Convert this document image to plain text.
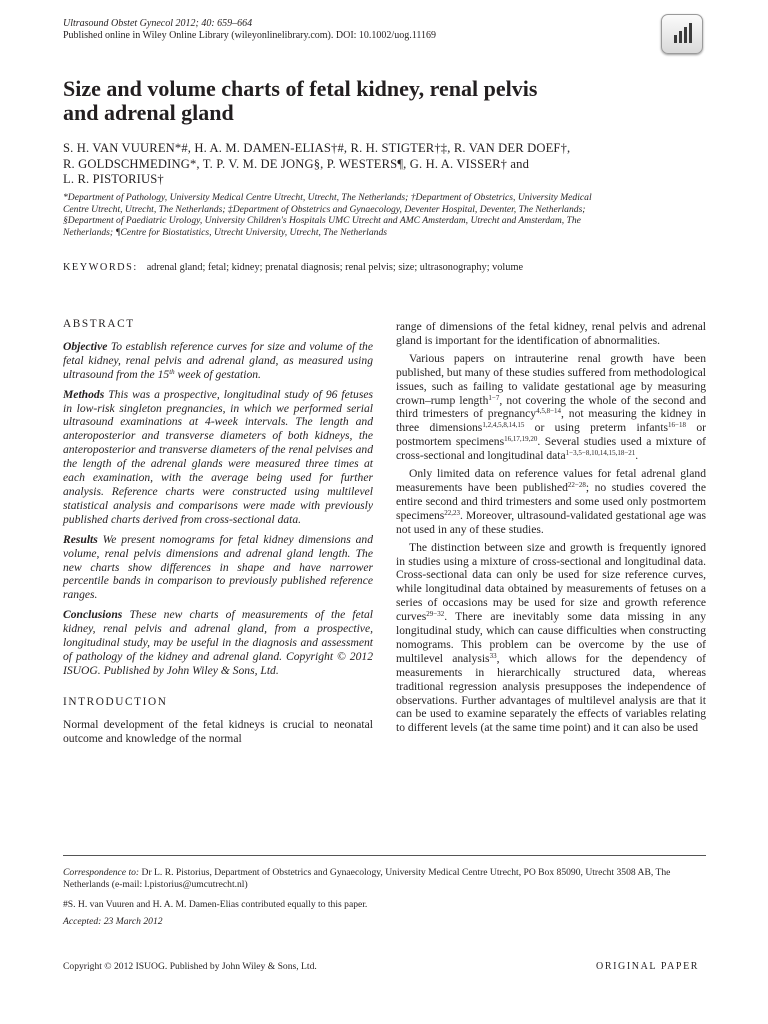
Ultrasound Obstet Gynecol 2012; 40: 659–664
Published online in Wiley Online Library (wileyonlinelibrary.com). DOI: 10.1002/uog.11169
Size and volume charts of fetal kidney, renal pelvis
and adrenal gland
S. H. VAN VUUREN*#, H. A. M. DAMEN-ELIAS†#, R. H. STIGTER†‡, R. VAN DER DOEF†,
R. GOLDSCHMEDING*, T. P. V. M. DE JONG§, P. WESTERS¶, G. H. A. VISSER† and
L. R. PISTORIUS†
*Department of Pathology, University Medical Centre Utrecht, Utrecht, The Netherlands; †Department of Obstetrics, University Medical
Centre Utrecht, Utrecht, The Netherlands; ‡Department of Obstetrics and Gynaecology, Deventer Hospital, Deventer, The Netherlands;
§Department of Paediatric Urology, University Children's Hospitals UMC Utrecht and AMC Amsterdam, Utrecht and Amsterdam, The
Netherlands; ¶Centre for Biostatistics, Utrecht University, Utrecht, The Netherlands
KEYWORDS: adrenal gland; fetal; kidney; prenatal diagnosis; renal pelvis; size; ultrasonography; volume
ABSTRACT

Objective To establish reference curves for size and volume of the fetal kidney, renal pelvis and adrenal gland, as measured using ultrasound from the 15th week of gestation.

Methods This was a prospective, longitudinal study of 96 fetuses in low-risk singleton pregnancies, in which we performed serial ultrasound examinations at 4-week intervals. The length and anteroposterior and transverse diameters of both kidneys, the anteroposterior and transverse diameters of the renal pelvises and the length of the adrenal glands were measured three times at each examination, with the average being used for further analysis. Reference charts were constructed using multilevel statistical analysis and comparisons were made with previously published charts derived from cross-sectional data.

Results We present nomograms for fetal kidney dimensions and volume, renal pelvis dimensions and adrenal gland length. The new charts show differences in shape and have narrower percentile bands in comparison to previously published reference ranges.

Conclusions These new charts of measurements of the fetal kidney, renal pelvis and adrenal gland, from a prospective, longitudinal study, may be useful in the diagnosis and assessment of pathology of the kidney and adrenal gland. Copyright © 2012 ISUOG. Published by John Wiley & Sons, Ltd.

INTRODUCTION

Normal development of the fetal kidneys is crucial to neonatal outcome and knowledge of the normal

range of dimensions of the fetal kidney, renal pelvis and adrenal gland is important for the identification of abnormalities.

Various papers on intrauterine renal growth have been published, but many of these studies suffered from methodological issues, such as failing to validate gestational age by measuring crown–rump length$^{1-7}$, not covering the whole of the second and third trimesters of pregnancy$^{4,5,8-14}$, not measuring the kidney in three dimensions$^{1,2,4,5,8,14,15}$ or using preterm infants$^{16-18}$ or postmortem specimens$^{16,17,19,20}$. Several studies used a mixture of cross-sectional and longitudinal data$^{1-3,5-8,10,14,15,18-21}$.

Only limited data on reference values for fetal adrenal gland measurements have been published$^{22-28}$; no studies covered the entire second and third trimesters and some used only postmortem specimens$^{22,23}$. Moreover, ultrasound-validated gestational age was not used in any of these studies.

The distinction between size and growth is frequently ignored in studies using a mixture of cross-sectional and longitudinal data. Cross-sectional data can only be used for size reference curves, while longitudinal data obtained by measurements of fetuses on a series of occasions may be used for size and growth reference curves$^{29-32}$. There are inevitably some data missing in any longitudinal study, which can cause difficulties when constructing nomograms. This problem can be overcome by the use of multilevel analysis$^{33}$, which allows for the dependency of measurements in hierarchically structured data, whereas traditional regression analysis presupposes the independence of observations. Further advantages of multilevel analysis are that it can be used to examine separately the effects of variables relating to different levels (at the same time point) and it can also be used

Correspondence to: Dr L. R. Pistorius, Department of Obstetrics and Gynaecology, University Medical Centre Utrecht, PO Box 85090, Utrecht 3508 AB, The Netherlands (e-mail: l.pistorius@umcutrecht.nl)
#S. H. van Vuuren and H. A. M. Damen-Elias contributed equally to this paper.
Accepted: 23 March 2012
Copyright © 2012 ISUOG. Published by John Wiley & Sons, Ltd.	ORIGINAL PAPER
